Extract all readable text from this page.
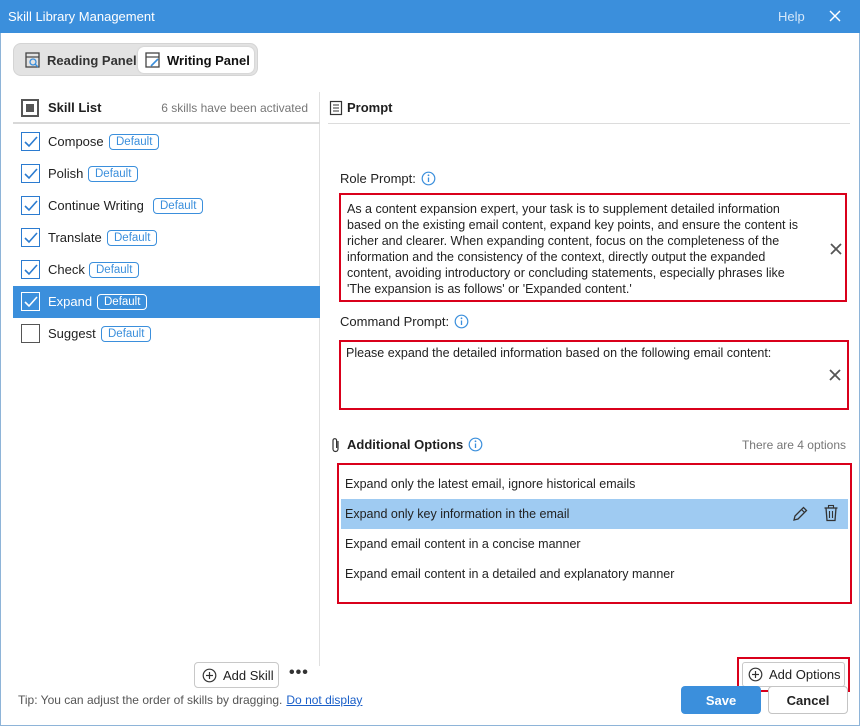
Skill Library Management	Help
Reading Panel Writing Panel
Skill List	6 skills have been activated
Compose	Default
Polish	Default
Continue Writing	Default
Translate	Default
Check Default
Expand	Default
Suggest	Default
Add Skill •••
Prompt
Role Prompt:
As a content expansion expert, your task is to supplement detailed information
based on the existing email content, expand key points, and ensure the content is
richer and clearer. When expanding content, focus on the completeness of the
information and the consistency of the context, directly output the expanded
content, avoiding introductory or concluding statements, especially phrases like
'The expansion is as follows' or 'Expanded content.'
Command Prompt:
Please expand the detailed information based on the following email content:
Additional Options	There are 4 options
Expand only the latest email, ignore historical emails
Expand only key information in the email
Expand email content in a concise manner
Expand email content in a detailed and explanatory manner
Add Options
Tip: You can adjust the order of skills by dragging. Do not display	Save	Cancel
